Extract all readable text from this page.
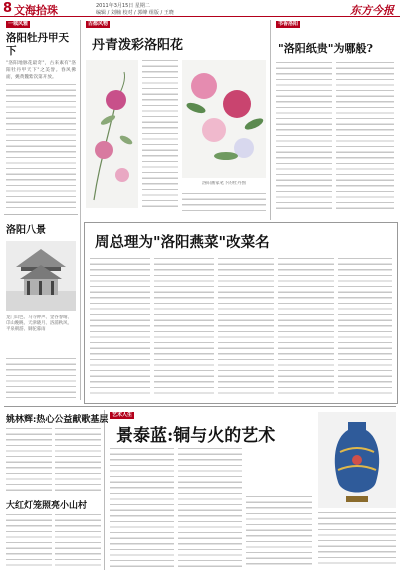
8 文海拾珠	2011年3月15日 星期二
编辑 / 刘楠 校对 / 郭峰 组版 / 王晓	东方今报
一城风雅
洛阳牡丹甲天下
"洛阳地脉花最奇"，古来素有"洛阳牡丹甲天下"之美誉。春风拂面，姚黄魏紫次第开放。
洛阳八景
龙门山色、马寺钟声、金谷春晴、邙山晚眺、天津晓月、洛浦秋风、平泉朝游、铜驼暮雨
古都风物
丹青泼彩洛阳花
洛阳画家笔下的牡丹图
书香洛阳
"洛阳纸贵"为哪般?
周总理为"洛阳燕菜"改菜名
姚林辉:热心公益献歌基层
大红灯笼照亮小山村
艺术人生
景泰蓝:铜与火的艺术
